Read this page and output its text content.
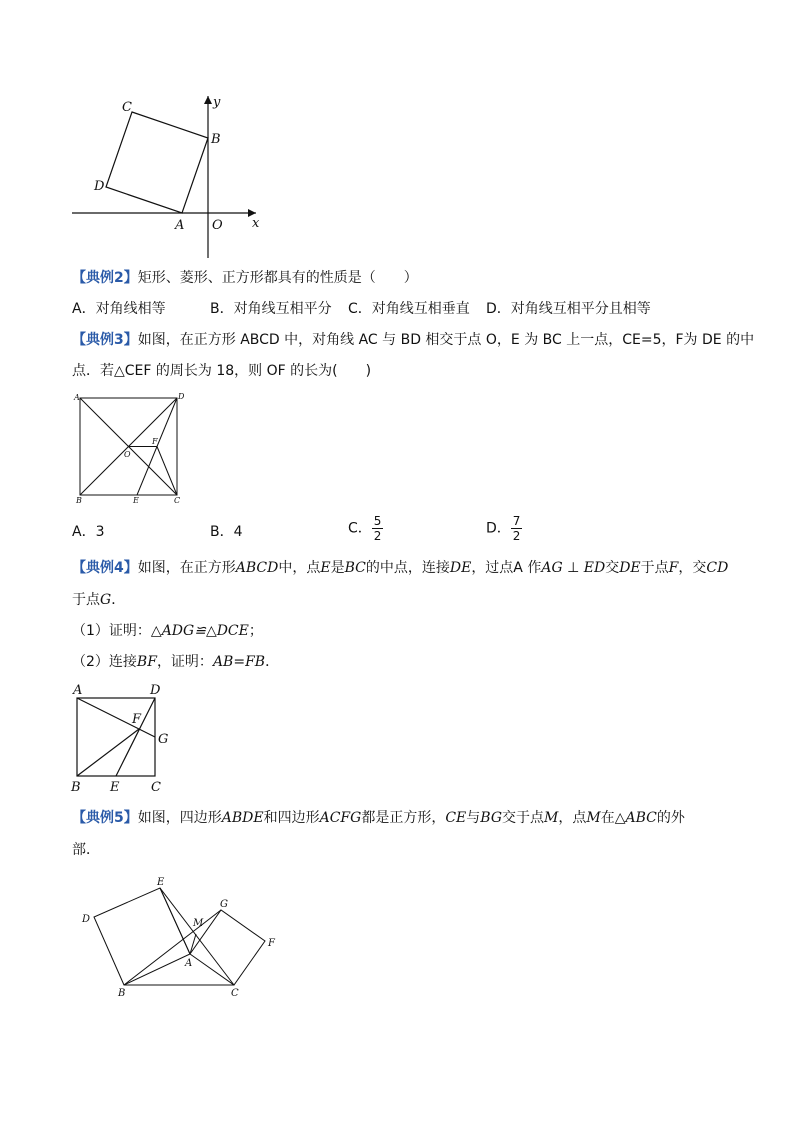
C
D
A
B
O x
y
【典例2】矩形、菱形、正方形都具有的性质是（　　）
A．对角线相等	B．对角线互相平分 C．对角线互相垂直 D．对角线互相平分且相等
【典例3】如图，在正方形 ABCD 中，对角线 AC 与 BD 相交于点 O，E 为 BC 上一点，CE=5，F为 DE 的中
点．若△CEF 的周长为 18，则 OF 的长为(　　)
A	D
O
F
B	E	C
A．3	B．4	C． $\frac{5}{2}$	D． $\frac{7}{2}$
【典例4】如图，在正方形ABCD中，点E是BC的中点，连接DE，过点A 作AG ⊥ ED交DE于点F，交CD
于点G．
（1）证明：△ADG≌△DCE；
（2）连接BF，证明：AB=FB．
A	D
F
G
B E C
【典例5】如图，四边形ABDE和四边形ACFG都是正方形，CE与BG交于点M，点M在△ABC的外
部．
E
D	M
G
F
A
B	C
